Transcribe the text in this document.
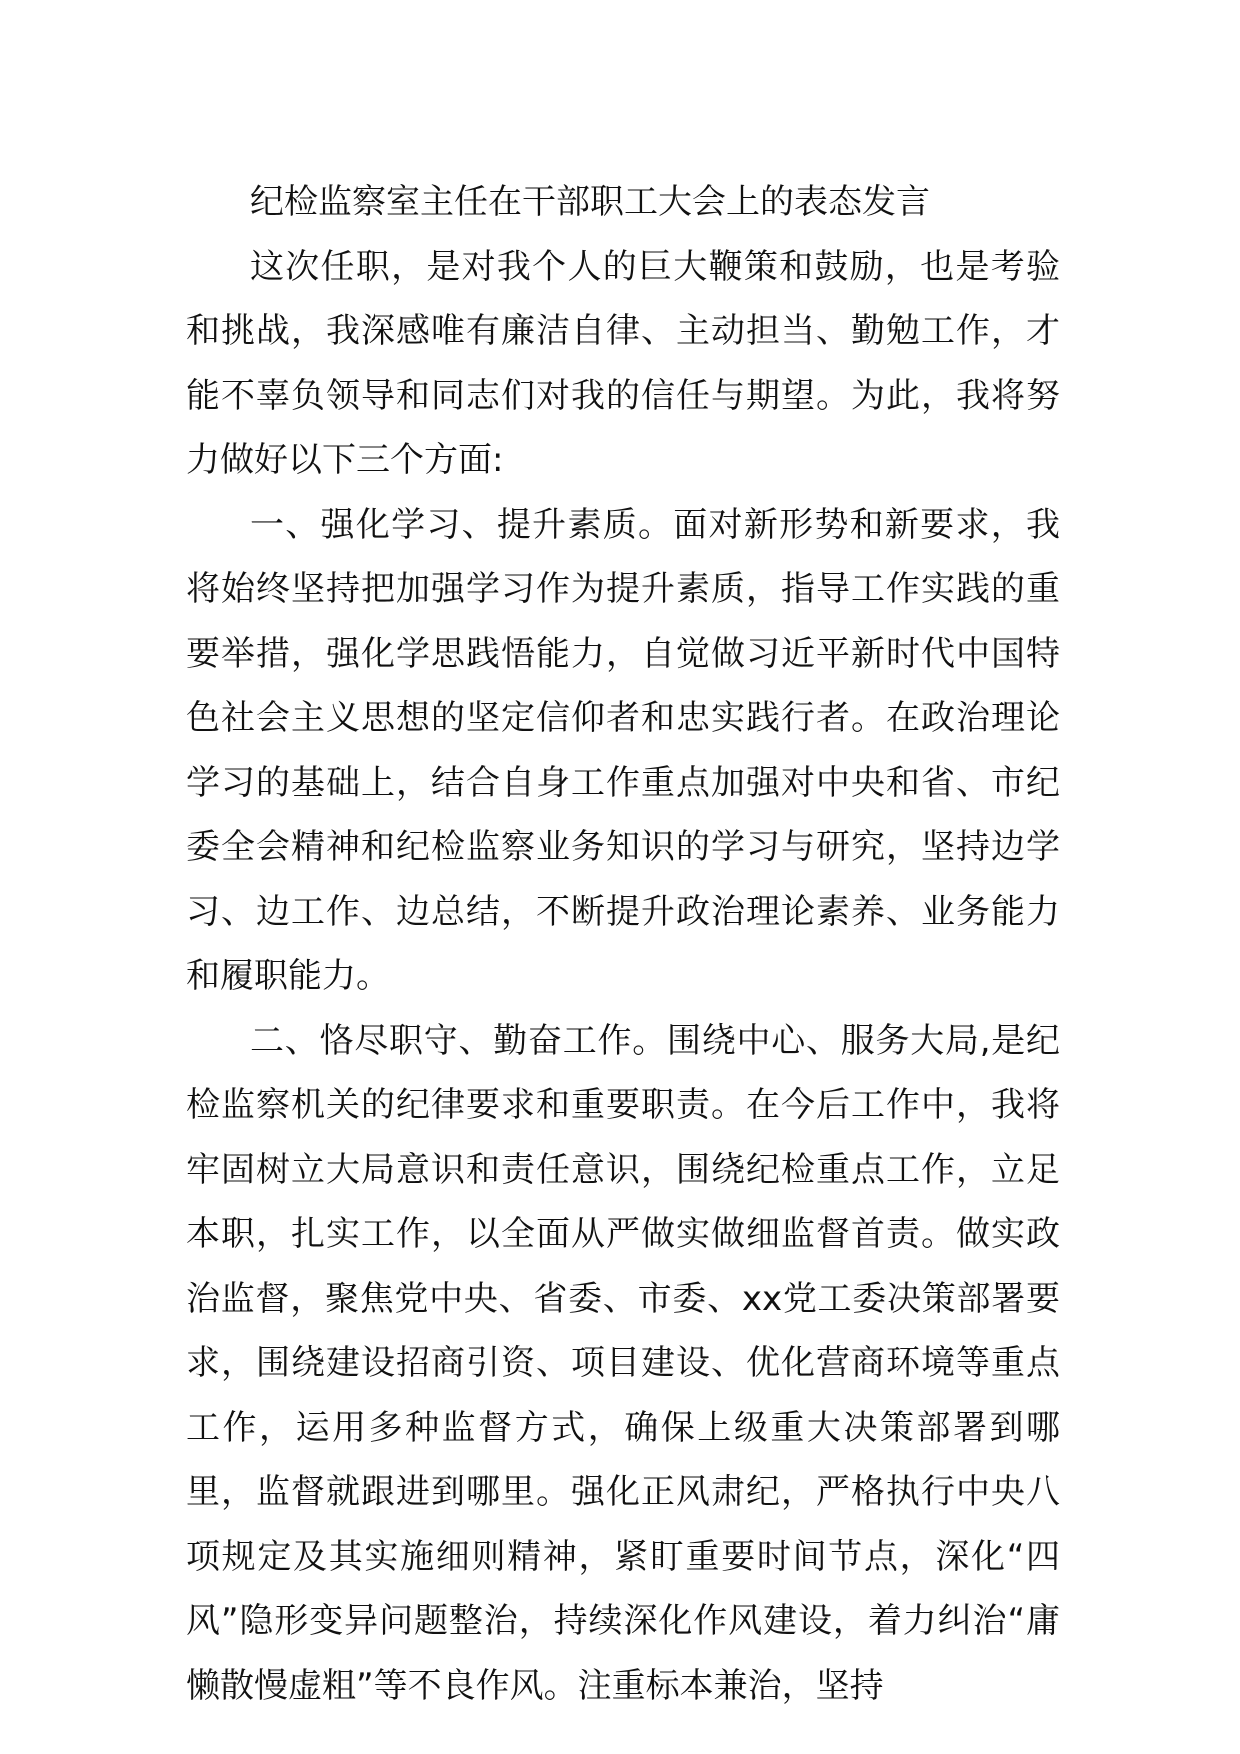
纪检监察室主任在干部职工大会上的表态发言

这次任职，是对我个人的巨大鞭策和鼓励，也是考验和挑战，我深感唯有廉洁自律、主动担当、勤勉工作，才能不辜负领导和同志们对我的信任与期望。为此，我将努力做好以下三个方面:

一、强化学习、提升素质。面对新形势和新要求，我将始终坚持把加强学习作为提升素质，指导工作实践的重要举措，强化学思践悟能力，自觉做习近平新时代中国特色社会主义思想的坚定信仰者和忠实践行者。在政治理论学习的基础上，结合自身工作重点加强对中央和省、市纪委全会精神和纪检监察业务知识的学习与研究，坚持边学习、边工作、边总结，不断提升政治理论素养、业务能力和履职能力。

二、恪尽职守、勤奋工作。围绕中心、服务大局,是纪检监察机关的纪律要求和重要职责。在今后工作中，我将牢固树立大局意识和责任意识，围绕纪检重点工作，立足本职，扎实工作，以全面从严做实做细监督首责。做实政治监督，聚焦党中央、省委、市委、xx党工委决策部署要求，围绕建设招商引资、项目建设、优化营商环境等重点工作，运用多种监督方式，确保上级重大决策部署到哪里，监督就跟进到哪里。强化正风肃纪，严格执行中央八项规定及其实施细则精神，紧盯重要时间节点，深化“四风”隐形变异问题整治，持续深化作风建设，着力纠治“庸懒散慢虚粗”等不良作风。注重标本兼治，坚持
